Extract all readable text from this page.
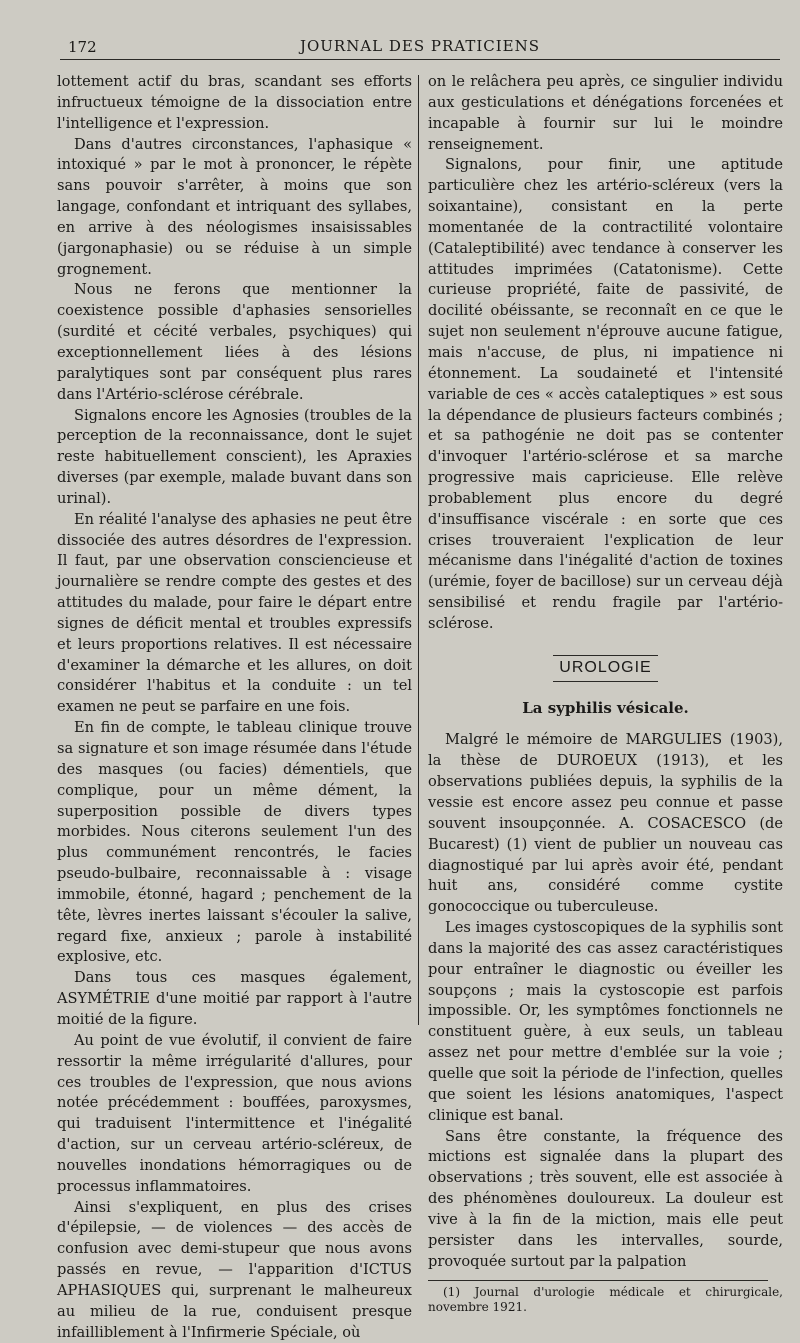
172	JOURNAL DES PRATICIENS

lottement actif du bras, scandant ses efforts infructueux témoigne de la dissociation entre l'intelligence et l'expression.

Dans d'autres circonstances, l'aphasique « intoxiqué » par le mot à prononcer, le répète sans pouvoir s'arrêter, à moins que son langage, confondant et intriquant des syllabes, en arrive à des néologismes insaisissables (jargonaphasie) ou se réduise à un simple grognement.

Nous ne ferons que mentionner la coexistence possible d'aphasies sensorielles (surdité et cécité verbales, psychiques) qui exceptionnellement liées à des lésions paralytiques sont par conséquent plus rares dans l'Artério-sclérose cérébrale.

Signalons encore les Agnosies (troubles de la perception de la reconnaissance, dont le sujet reste habituellement conscient), les Apraxies diverses (par exemple, malade buvant dans son urinal).

En réalité l'analyse des aphasies ne peut être dissociée des autres désordres de l'expression. Il faut, par une observation consciencieuse et journalière se rendre compte des gestes et des attitudes du malade, pour faire le départ entre signes de déficit mental et troubles expressifs et leurs proportions relatives. Il est nécessaire d'examiner la démarche et les allures, on doit considérer l'habitus et la conduite : un tel examen ne peut se parfaire en une fois.

En fin de compte, le tableau clinique trouve sa signature et son image résumée dans l'étude des masques (ou facies) démentiels, que complique, pour un même dément, la superposition possible de divers types morbides. Nous citerons seulement l'un des plus communément rencontrés, le facies pseudo-bulbaire, reconnaissable à : visage immobile, étonné, hagard ; penchement de la tête, lèvres inertes laissant s'écouler la salive, regard fixe, anxieux ; parole à instabilité explosive, etc.

Dans tous ces masques également, ASYMÉTRIE d'une moitié par rapport à l'autre moitié de la figure.

Au point de vue évolutif, il convient de faire ressortir la même irrégularité d'allures, pour ces troubles de l'expression, que nous avions notée précédemment : bouffées, paroxysmes, qui traduisent l'intermittence et l'inégalité d'action, sur un cerveau artério-scléreux, de nouvelles inondations hémorragiques ou de processus inflammatoires.

Ainsi s'expliquent, en plus des crises d'épilepsie, — de violences — des accès de confusion avec demi-stupeur que nous avons passés en revue, — l'apparition d'ICTUS APHASIQUES qui, surprenant le malheureux au milieu de la rue, conduisent presque infailliblement à l'Infirmerie Spéciale, où

on le relâchera peu après, ce singulier individu aux gesticulations et dénégations forcenées et incapable à fournir sur lui le moindre renseignement.

Signalons, pour finir, une aptitude particulière chez les artério-scléreux (vers la soixantaine), consistant en la perte momentanée de la contractilité volontaire (Cataleptibilité) avec tendance à conserver les attitudes imprimées (Catatonisme). Cette curieuse propriété, faite de passivité, de docilité obéissante, se reconnaît en ce que le sujet non seulement n'éprouve aucune fatigue, mais n'accuse, de plus, ni impatience ni étonnement. La soudaineté et l'intensité variable de ces « accès cataleptiques » est sous la dépendance de plusieurs facteurs combinés ; et sa pathogénie ne doit pas se contenter d'invoquer l'artério-sclérose et sa marche progressive mais capricieuse. Elle relève probablement plus encore du degré d'insuffisance viscérale : en sorte que ces crises trouveraient l'explication de leur mécanisme dans l'inégalité d'action de toxines (urémie, foyer de bacillose) sur un cerveau déjà sensibilisé et rendu fragile par l'artério-sclérose.

UROLOGIE
La syphilis vésicale.

Malgré le mémoire de MARGULIES (1903), la thèse de DUROEUX (1913), et les observations publiées depuis, la syphilis de la vessie est encore assez peu connue et passe souvent insoupçonnée. A. COSACESCO (de Bucarest) (1) vient de publier un nouveau cas diagnostiqué par lui après avoir été, pendant huit ans, considéré comme cystite gonococcique ou tuberculeuse.

Les images cystoscopiques de la syphilis sont dans la majorité des cas assez caractéristiques pour entraîner le diagnostic ou éveiller les soupçons ; mais la cystoscopie est parfois impossible. Or, les symptômes fonctionnels ne constituent guère, à eux seuls, un tableau assez net pour mettre d'emblée sur la voie ; quelle que soit la période de l'infection, quelles que soient les lésions anatomiques, l'aspect clinique est banal.

Sans être constante, la fréquence des mictions est signalée dans la plupart des observations ; très souvent, elle est associée à des phénomènes douloureux. La douleur est vive à la fin de la miction, mais elle peut persister dans les intervalles, sourde, provoquée surtout par la palpation

(1) Journal d'urologie médicale et chirurgicale, novembre 1921.
